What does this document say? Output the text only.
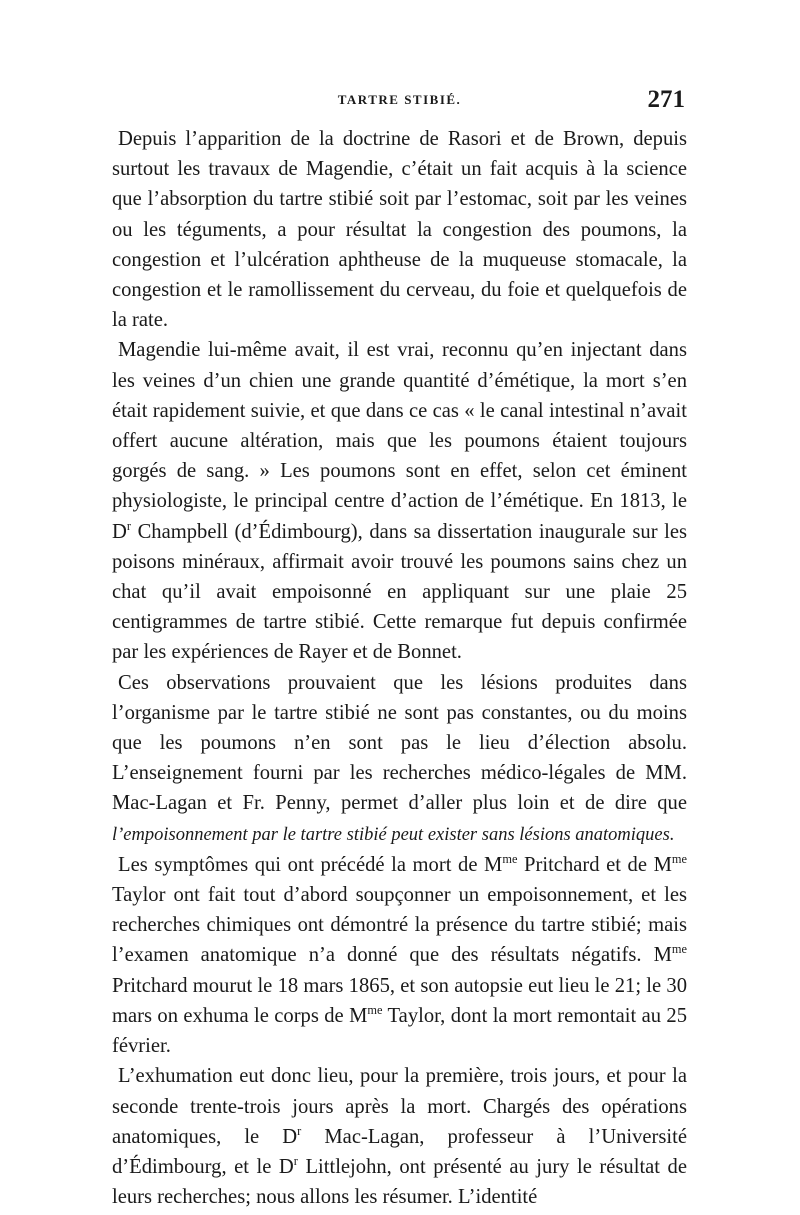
TARTRE STIBIÉ.	271

Depuis l’apparition de la doctrine de Rasori et de Brown, depuis surtout les travaux de Magendie, c’était un fait acquis à la science que l’absorption du tartre stibié soit par l’estomac, soit par les veines ou les téguments, a pour résultat la congestion des poumons, la congestion et l’ulcération aphtheuse de la muqueuse stomacale, la congestion et le ramollissement du cerveau, du foie et quelquefois de la rate.

Magendie lui-même avait, il est vrai, reconnu qu’en injectant dans les veines d’un chien une grande quantité d’émétique, la mort s’en était rapidement suivie, et que dans ce cas « le canal intestinal n’avait offert aucune altération, mais que les poumons étaient toujours gorgés de sang. » Les poumons sont en effet, selon cet éminent physiologiste, le principal centre d’action de l’émétique. En 1813, le $D^r$ Champbell (d’Édimbourg), dans sa dissertation inaugurale sur les poisons minéraux, affirmait avoir trouvé les poumons sains chez un chat qu’il avait empoisonné en appliquant sur une plaie 25 centigrammes de tartre stibié. Cette remarque fut depuis confirmée par les expériences de Rayer et de Bonnet.

Ces observations prouvaient que les lésions produites dans l’organisme par le tartre stibié ne sont pas constantes, ou du moins que les poumons n’en sont pas le lieu d’élection absolu. L’enseignement fourni par les recherches médico-légales de MM. Mac-Lagan et Fr. Penny, permet d’aller plus loin et de dire que l’empoisonnement par le tartre stibié peut exister sans lésions anatomiques.

Les symptômes qui ont précédé la mort de $M^{me}$ Pritchard et de $M^{me}$ Taylor ont fait tout d’abord soupçonner un empoisonnement, et les recherches chimiques ont démontré la présence du tartre stibié; mais l’examen anatomique n’a donné que des résultats négatifs. $M^{me}$ Pritchard mourut le 18 mars 1865, et son autopsie eut lieu le 21; le 30 mars on exhuma le corps de $M^{me}$ Taylor, dont la mort remontait au 25 février.

L’exhumation eut donc lieu, pour la première, trois jours, et pour la seconde trente-trois jours après la mort. Chargés des opérations anatomiques, le $D^r$ Mac-Lagan, professeur à l’Université d’Édimbourg, et le $D^r$ Littlejohn, ont présenté au jury le résultat de leurs recherches; nous allons les résumer. L’identité
